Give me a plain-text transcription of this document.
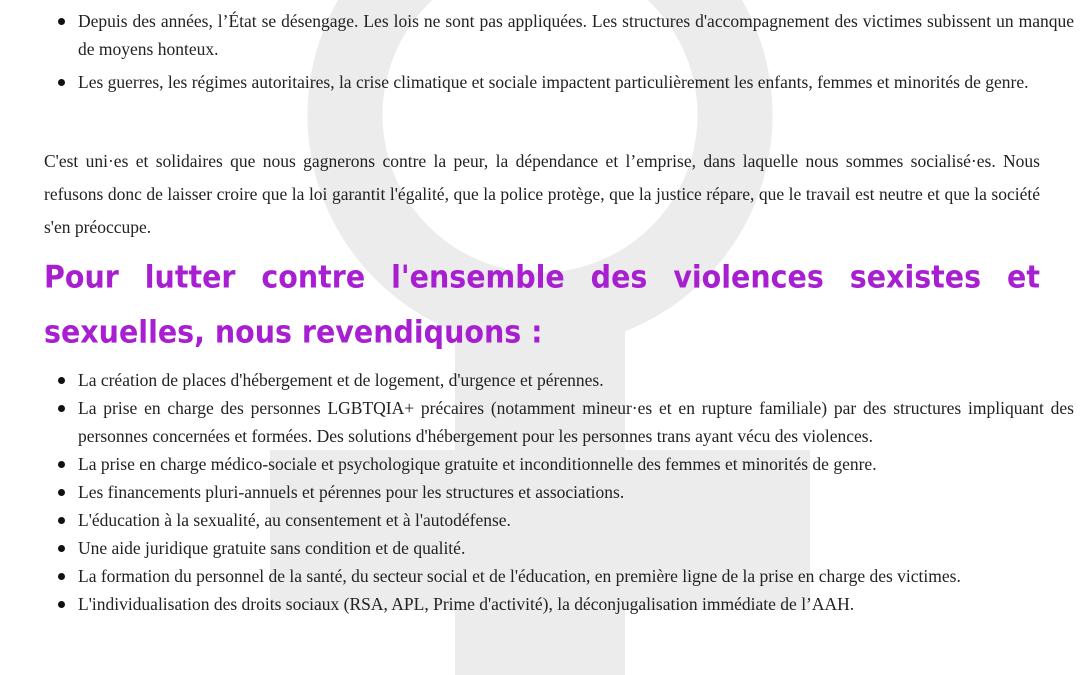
Depuis des années, l’État se désengage. Les lois ne sont pas appliquées. Les structures d'accompagnement des victimes subissent un manque de moyens honteux.
Les guerres, les régimes autoritaires, la crise climatique et sociale impactent particulièrement les enfants, femmes et minorités de genre.

C'est uni·es et solidaires que nous gagnerons contre la peur, la dépendance et l’emprise, dans laquelle nous sommes socialisé·es. Nous refusons donc de laisser croire que la loi garantit l'égalité, que la police protège, que la justice répare, que le travail est neutre et que la société s'en préoccupe.

Pour lutter contre l'ensemble des violences sexistes et sexuelles, nous revendiquons :
La création de places d'hébergement et de logement, d'urgence et pérennes.
La prise en charge des personnes LGBTQIA+ précaires (notamment mineur·es et en rupture familiale) par des structures impliquant des personnes concernées et formées. Des solutions d'hébergement pour les personnes trans ayant vécu des violences.
La prise en charge médico-sociale et psychologique gratuite et inconditionnelle des femmes et minorités de genre.
Les financements pluri-annuels et pérennes pour les structures et associations.
L'éducation à la sexualité, au consentement et à l'autodéfense.
Une aide juridique gratuite sans condition et de qualité.
La formation du personnel de la santé, du secteur social et de l'éducation, en première ligne de la prise en charge des victimes.
L'individualisation des droits sociaux (RSA, APL, Prime d'activité), la déconjugalisation immédiate de l’AAH.
